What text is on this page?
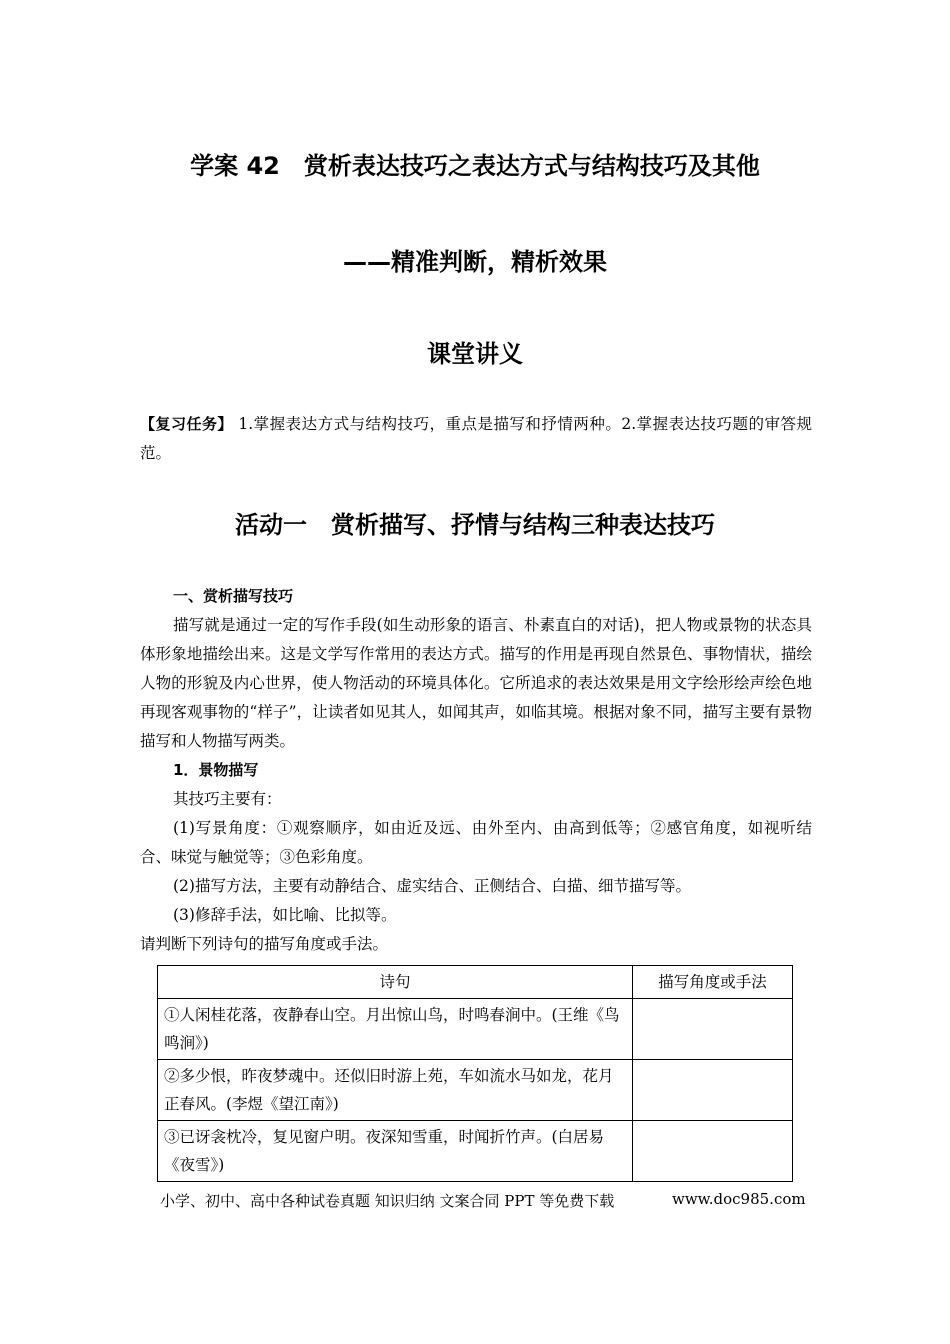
学案 42　赏析表达技巧之表达方式与结构技巧及其他
——精准判断，精析效果
课堂讲义
【复习任务】 1.掌握表达方式与结构技巧，重点是描写和抒情两种。2.掌握表达技巧题的审答规范。
活动一　赏析描写、抒情与结构三种表达技巧

一、赏析描写技巧

描写就是通过一定的写作手段(如生动形象的语言、朴素直白的对话)，把人物或景物的状态具体形象地描绘出来。这是文学写作常用的表达方式。描写的作用是再现自然景色、事物情状，描绘人物的形貌及内心世界，使人物活动的环境具体化。它所追求的表达效果是用文字绘形绘声绘色地再现客观事物的“样子”，让读者如见其人，如闻其声，如临其境。根据对象不同，描写主要有景物描写和人物描写两类。

1．景物描写

其技巧主要有：

(1)写景角度：①观察顺序，如由近及远、由外至内、由高到低等；②感官角度，如视听结合、味觉与触觉等；③色彩角度。

(2)描写方法，主要有动静结合、虚实结合、正侧结合、白描、细节描写等。

(3)修辞手法，如比喻、比拟等。

请判断下列诗句的描写角度或手法。

诗句	描写角度或手法
①人闲桂花落，夜静春山空。月出惊山鸟，时鸣春涧中。(王维《鸟鸣涧》)	
②多少恨，昨夜梦魂中。还似旧时游上苑，车如流水马如龙，花月正春风。(李煜《望江南》)	
③已讶衾枕冷，复见窗户明。夜深知雪重，时闻折竹声。(白居易《夜雪》)	
小学、初中、高中各种试卷真题 知识归纳 文案合同 PPT 等免费下载	www.doc985.com
